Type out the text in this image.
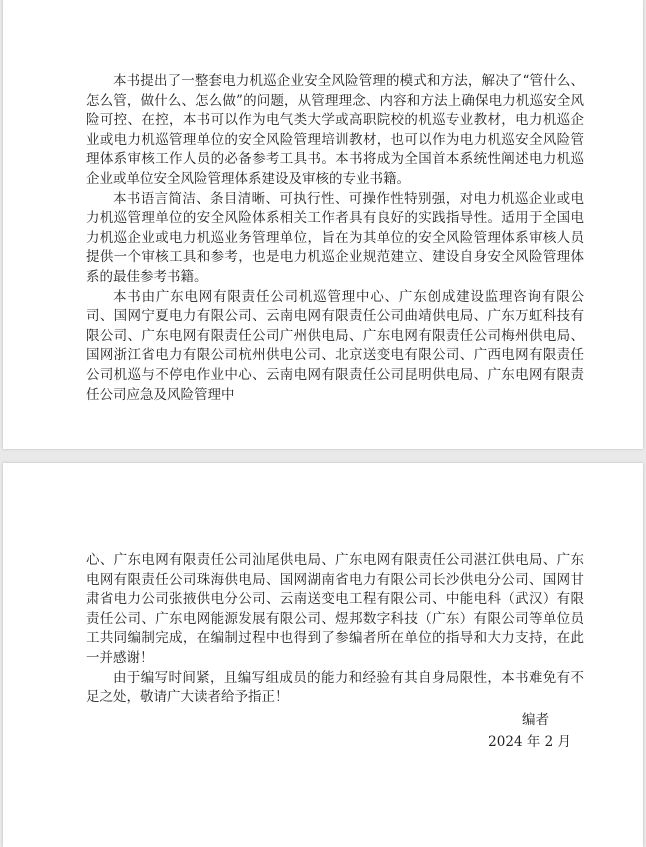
本书提出了一整套电力机巡企业安全风险管理的模式和方法，解决了“管什么、怎么管，做什么、怎么做”的问题，从管理理念、内容和方法上确保电力机巡安全风险可控、在控，本书可以作为电气类大学或高职院校的机巡专业教材，电力机巡企业或电力机巡管理单位的安全风险管理培训教材，也可以作为电力机巡安全风险管理体系审核工作人员的必备参考工具书。本书将成为全国首本系统性阐述电力机巡企业或单位安全风险管理体系建设及审核的专业书籍。

本书语言简洁、条目清晰、可执行性、可操作性特别强，对电力机巡企业或电力机巡管理单位的安全风险体系相关工作者具有良好的实践指导性。适用于全国电力机巡企业或电力机巡业务管理单位，旨在为其单位的安全风险管理体系审核人员提供一个审核工具和参考，也是电力机巡企业规范建立、建设自身安全风险管理体系的最佳参考书籍。

本书由广东电网有限责任公司机巡管理中心、广东创成建设监理咨询有限公司、国网宁夏电力有限公司、云南电网有限责任公司曲靖供电局、广东万虹科技有限公司、广东电网有限责任公司广州供电局、广东电网有限责任公司梅州供电局、国网浙江省电力有限公司杭州供电公司、北京送变电有限公司、广西电网有限责任公司机巡与不停电作业中心、云南电网有限责任公司昆明供电局、广东电网有限责任公司应急及风险管理中

心、广东电网有限责任公司汕尾供电局、广东电网有限责任公司湛江供电局、广东电网有限责任公司珠海供电局、国网湖南省电力有限公司长沙供电分公司、国网甘肃省电力公司张掖供电分公司、云南送变电工程有限公司、中能电科（武汉）有限责任公司、广东电网能源发展有限公司、煜邦数字科技（广东）有限公司等单位员工共同编制完成，在编制过程中也得到了参编者所在单位的指导和大力支持，在此一并感谢！

由于编写时间紧，且编写组成员的能力和经验有其自身局限性，本书难免有不足之处，敬请广大读者给予指正！

编者
2024 年 2 月
